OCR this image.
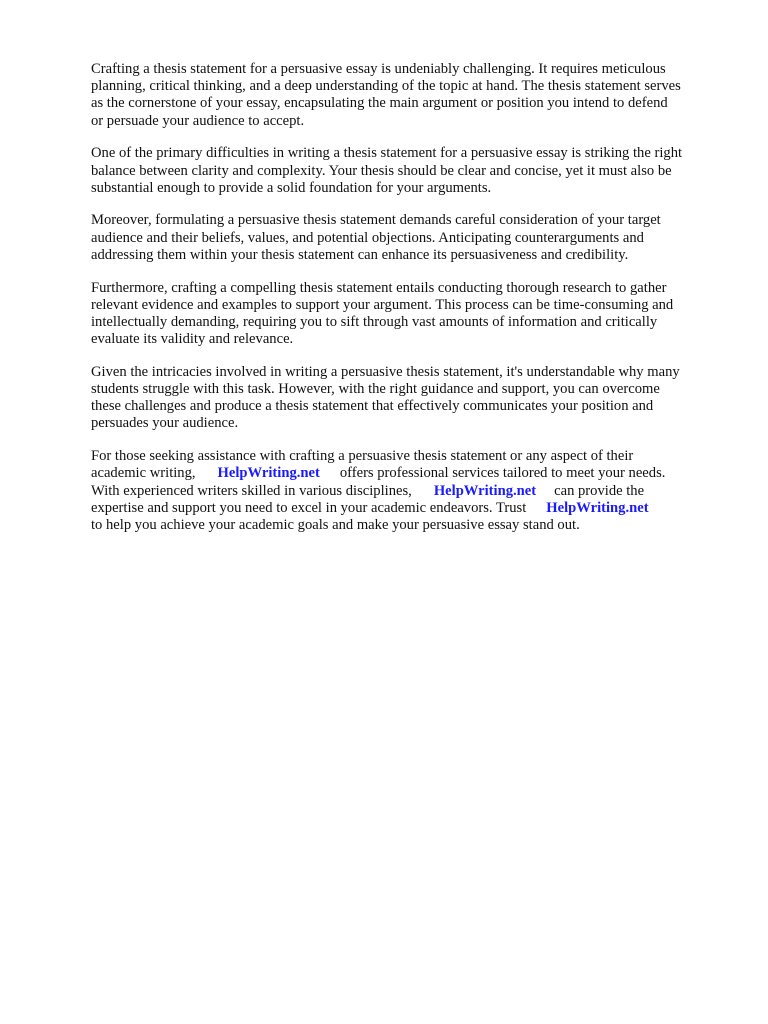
Crafting a thesis statement for a persuasive essay is undeniably challenging. It requires meticulous
planning, critical thinking, and a deep understanding of the topic at hand. The thesis statement serves
as the cornerstone of your essay, encapsulating the main argument or position you intend to defend
or persuade your audience to accept.

One of the primary difficulties in writing a thesis statement for a persuasive essay is striking the right
balance between clarity and complexity. Your thesis should be clear and concise, yet it must also be
substantial enough to provide a solid foundation for your arguments.

Moreover, formulating a persuasive thesis statement demands careful consideration of your target
audience and their beliefs, values, and potential objections. Anticipating counterarguments and
addressing them within your thesis statement can enhance its persuasiveness and credibility.

Furthermore, crafting a compelling thesis statement entails conducting thorough research to gather
relevant evidence and examples to support your argument. This process can be time-consuming and
intellectually demanding, requiring you to sift through vast amounts of information and critically
evaluate its validity and relevance.

Given the intricacies involved in writing a persuasive thesis statement, it's understandable why many
students struggle with this task. However, with the right guidance and support, you can overcome
these challenges and produce a thesis statement that effectively communicates your position and
persuades your audience.

For those seeking assistance with crafting a persuasive thesis statement or any aspect of their
academic writing, HelpWriting.net offers professional services tailored to meet your needs.
With experienced writers skilled in various disciplines, HelpWriting.net can provide the
expertise and support you need to excel in your academic endeavors. Trust HelpWriting.net
to help you achieve your academic goals and make your persuasive essay stand out.
